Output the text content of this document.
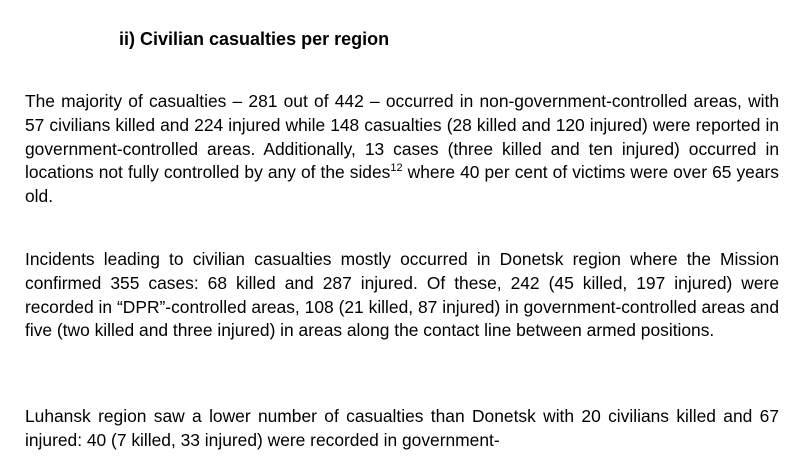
ii) Civilian casualties per region

The majority of casualties – 281 out of 442 – occurred in non-government-controlled areas, with 57 civilians killed and 224 injured while 148 casualties (28 killed and 120 injured) were reported in government-controlled areas. Additionally, 13 cases (three killed and ten injured) occurred in locations not fully controlled by any of the sides$^{12}$ where 40 per cent of victims were over 65 years old.

Incidents leading to civilian casualties mostly occurred in Donetsk region where the Mission confirmed 355 cases: 68 killed and 287 injured. Of these, 242 (45 killed, 197 injured) were recorded in “DPR”-controlled areas, 108 (21 killed, 87 injured) in government-controlled areas and five (two killed and three injured) in areas along the contact line between armed positions.

Luhansk region saw a lower number of casualties than Donetsk with 20 civilians killed and 67 injured: 40 (7 killed, 33 injured) were recorded in government-
